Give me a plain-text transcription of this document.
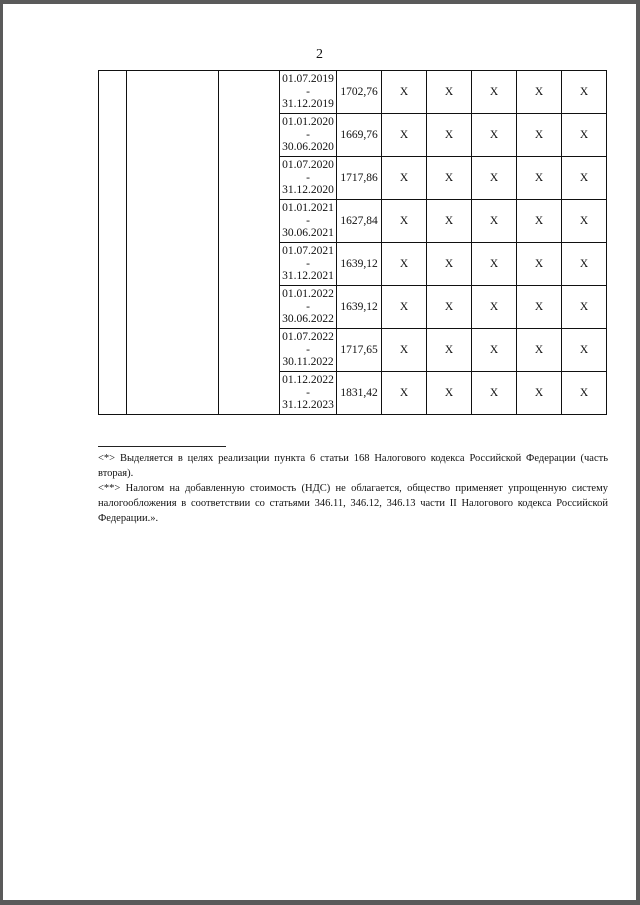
2

			01.07.2019
-
31.12.2019	1702,76	X	X	X	X	X

			01.01.2020
-
30.06.2020	1669,76	X	X	X	X	X

			01.07.2020
-
31.12.2020	1717,86	X	X	X	X	X

			01.01.2021
-
30.06.2021	1627,84	X	X	X	X	X

			01.07.2021
-
31.12.2021	1639,12	X	X	X	X	X

			01.01.2022
-
30.06.2022	1639,12	X	X	X	X	X

			01.07.2022
-
30.11.2022	1717,65	X	X	X	X	X

			01.12.2022
-
31.12.2023	1831,42	X	X	X	X	X

<*> Выделяется в целях реализации пункта 6 статьи 168 Налогового кодекса Российской Федерации (часть вторая).

<**> Налогом на добавленную стоимость (НДС) не облагается, общество применяет упрощенную систему налогообложения в соответствии со статьями 346.11, 346.12, 346.13 части II Налогового кодекса Российской Федерации.».
